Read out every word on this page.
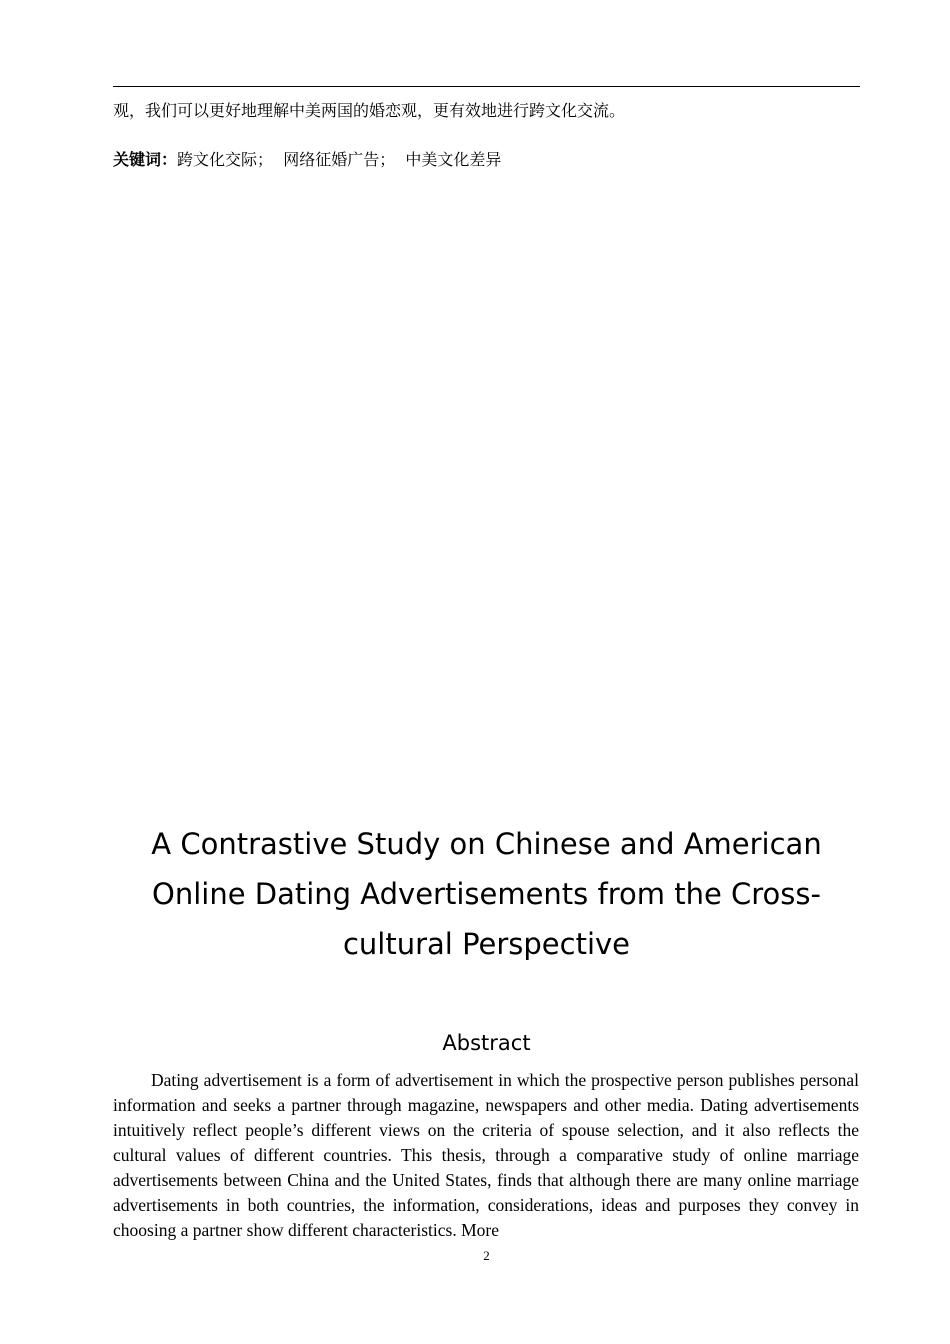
观，我们可以更好地理解中美两国的婚恋观，更有效地进行跨文化交流。
关键词：跨文化交际；  网络征婚广告；  中美文化差异
A Contrastive Study on Chinese and American Online Dating Advertisements from the Cross-cultural Perspective
Abstract

Dating advertisement is a form of advertisement in which the prospective person publishes personal information and seeks a partner through magazine, newspapers and other media. Dating advertisements intuitively reflect people’s different views on the criteria of spouse selection, and it also reflects the cultural values of different countries. This thesis, through a comparative study of online marriage advertisements between China and the United States, finds that although there are many online marriage advertisements in both countries, the information, considerations, ideas and purposes they convey in choosing a partner show different characteristics. More

2
